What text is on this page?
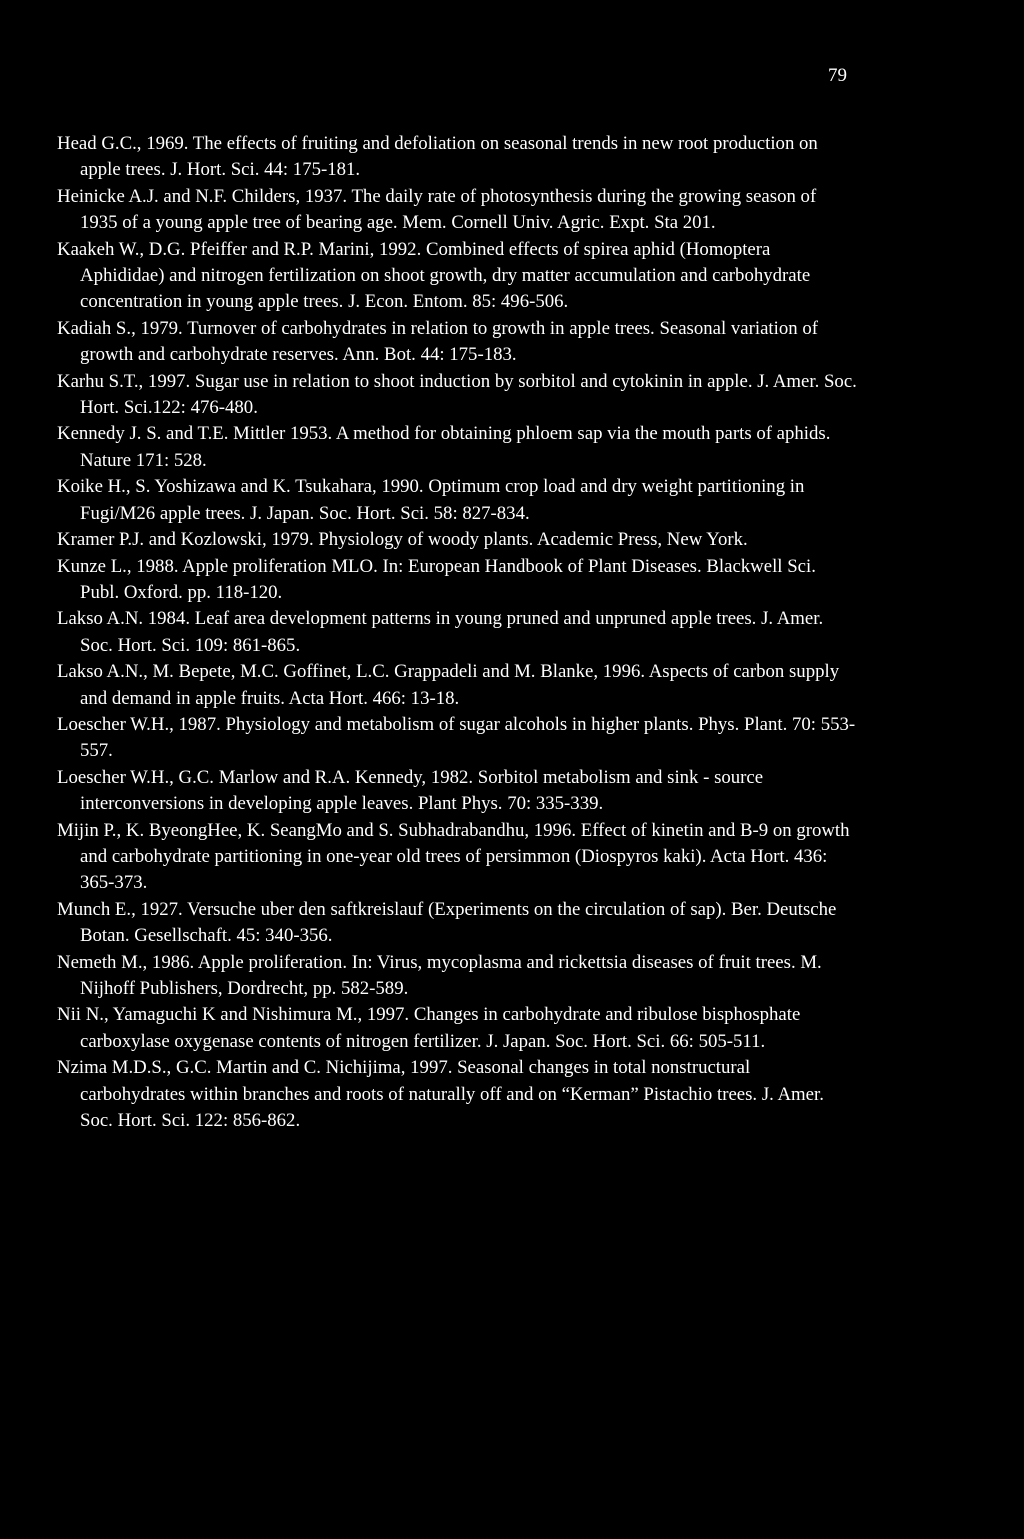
79

Head G.C., 1969. The effects of fruiting and defoliation on seasonal trends in new root production on apple trees. J. Hort. Sci. 44: 175-181.

Heinicke A.J. and N.F. Childers, 1937. The daily rate of photosynthesis during the growing season of 1935 of a young apple tree of bearing age. Mem. Cornell Univ. Agric. Expt. Sta 201.

Kaakeh W., D.G. Pfeiffer and R.P. Marini, 1992. Combined effects of spirea aphid (Homoptera Aphididae) and nitrogen fertilization on shoot growth, dry matter accumulation and carbohydrate concentration in young apple trees. J. Econ. Entom. 85: 496-506.

Kadiah S., 1979. Turnover of carbohydrates in relation to growth in apple trees. Seasonal variation of growth and carbohydrate reserves. Ann. Bot. 44: 175-183.

Karhu S.T., 1997. Sugar use in relation to shoot induction by sorbitol and cytokinin in apple. J. Amer. Soc. Hort. Sci.122: 476-480.

Kennedy J. S. and T.E. Mittler 1953. A method for obtaining phloem sap via the mouth parts of aphids. Nature 171: 528.

Koike H., S. Yoshizawa and K. Tsukahara, 1990. Optimum crop load and dry weight partitioning in Fugi/M26 apple trees. J. Japan. Soc. Hort. Sci. 58: 827-834.

Kramer P.J. and Kozlowski, 1979. Physiology of woody plants. Academic Press, New York.

Kunze L., 1988. Apple proliferation MLO. In: European Handbook of Plant Diseases. Blackwell Sci. Publ. Oxford. pp. 118-120.

Lakso A.N. 1984. Leaf area development patterns in young pruned and unpruned apple trees. J. Amer. Soc. Hort. Sci. 109: 861-865.

Lakso A.N., M. Bepete, M.C. Goffinet, L.C. Grappadeli and M. Blanke, 1996. Aspects of carbon supply and demand in apple fruits. Acta Hort. 466: 13-18.

Loescher W.H., 1987. Physiology and metabolism of sugar alcohols in higher plants. Phys. Plant. 70: 553-557.

Loescher W.H., G.C. Marlow and R.A. Kennedy, 1982. Sorbitol metabolism and sink - source interconversions in developing apple leaves. Plant Phys. 70: 335-339.

Mijin P., K. ByeongHee, K. SeangMo and S. Subhadrabandhu, 1996. Effect of kinetin and B-9 on growth and carbohydrate partitioning in one-year old trees of persimmon (Diospyros kaki). Acta Hort. 436: 365-373.

Munch E., 1927. Versuche uber den saftkreislauf (Experiments on the circulation of sap). Ber. Deutsche Botan. Gesellschaft. 45: 340-356.

Nemeth M., 1986. Apple proliferation. In: Virus, mycoplasma and rickettsia diseases of fruit trees. M. Nijhoff Publishers, Dordrecht, pp. 582-589.

Nii N., Yamaguchi K and Nishimura M., 1997. Changes in carbohydrate and ribulose bisphosphate carboxylase oxygenase contents of nitrogen fertilizer. J. Japan. Soc. Hort. Sci. 66: 505-511.

Nzima M.D.S., G.C. Martin and C. Nichijima, 1997. Seasonal changes in total nonstructural carbohydrates within branches and roots of naturally off and on “Kerman” Pistachio trees. J. Amer. Soc. Hort. Sci. 122: 856-862.
